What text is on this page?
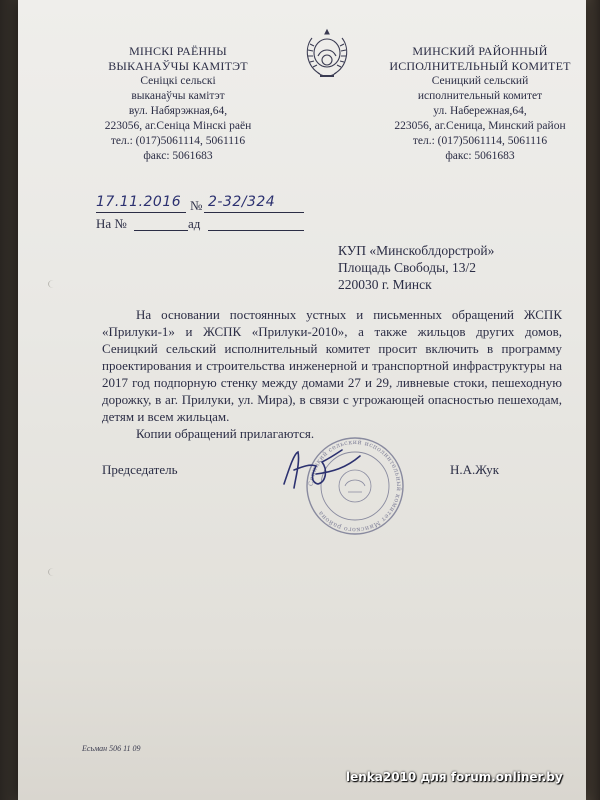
МІНСКІ РАЁННЫ
ВЫКАНАЎЧЫ КАМІТЭТ
Сеніцкі сельскі
выканаўчы камітэт
вул. Набярэжная,64,
223056, аг.Сеніца Мінскі раён
тел.: (017)5061114, 5061116
факс: 5061683
МИНСКИЙ РАЙОННЫЙ
ИСПОЛНИТЕЛЬНЫЙ КОМИТЕТ
Сеницкий сельский
исполнительный комитет
ул. Набережная,64,
223056, аг.Сеница, Минский район
тел.: (017)5061114, 5061116
факс: 5061683
17.11.2016 № 2-32/324
На №	ад
КУП «Минскоблдорстрой»
Площадь Свободы, 13/2
220030 г. Минск

На основании постоянных устных и письменных обращений ЖСПК «Прилуки-1» и ЖСПК «Прилуки-2010», а также жильцов других домов, Сеницкий сельский исполнительный комитет просит включить в программу проектирования и строительства инженерной и транспортной инфраструктуры на 2017 год подпорную стенку между домами 27 и 29, ливневые стоки, пешеходную дорожку, в аг. Прилуки, ул. Мира), в связи с угрожающей опасностью пешеходам, детям и всем жильцам.

Копии обращений прилагаются.

Сеницкий сельский исполнительный комитет Минского района
Председатель	Н.А.Жук
Есьман 506 11 09
lenka2010 для forum.onliner.by
